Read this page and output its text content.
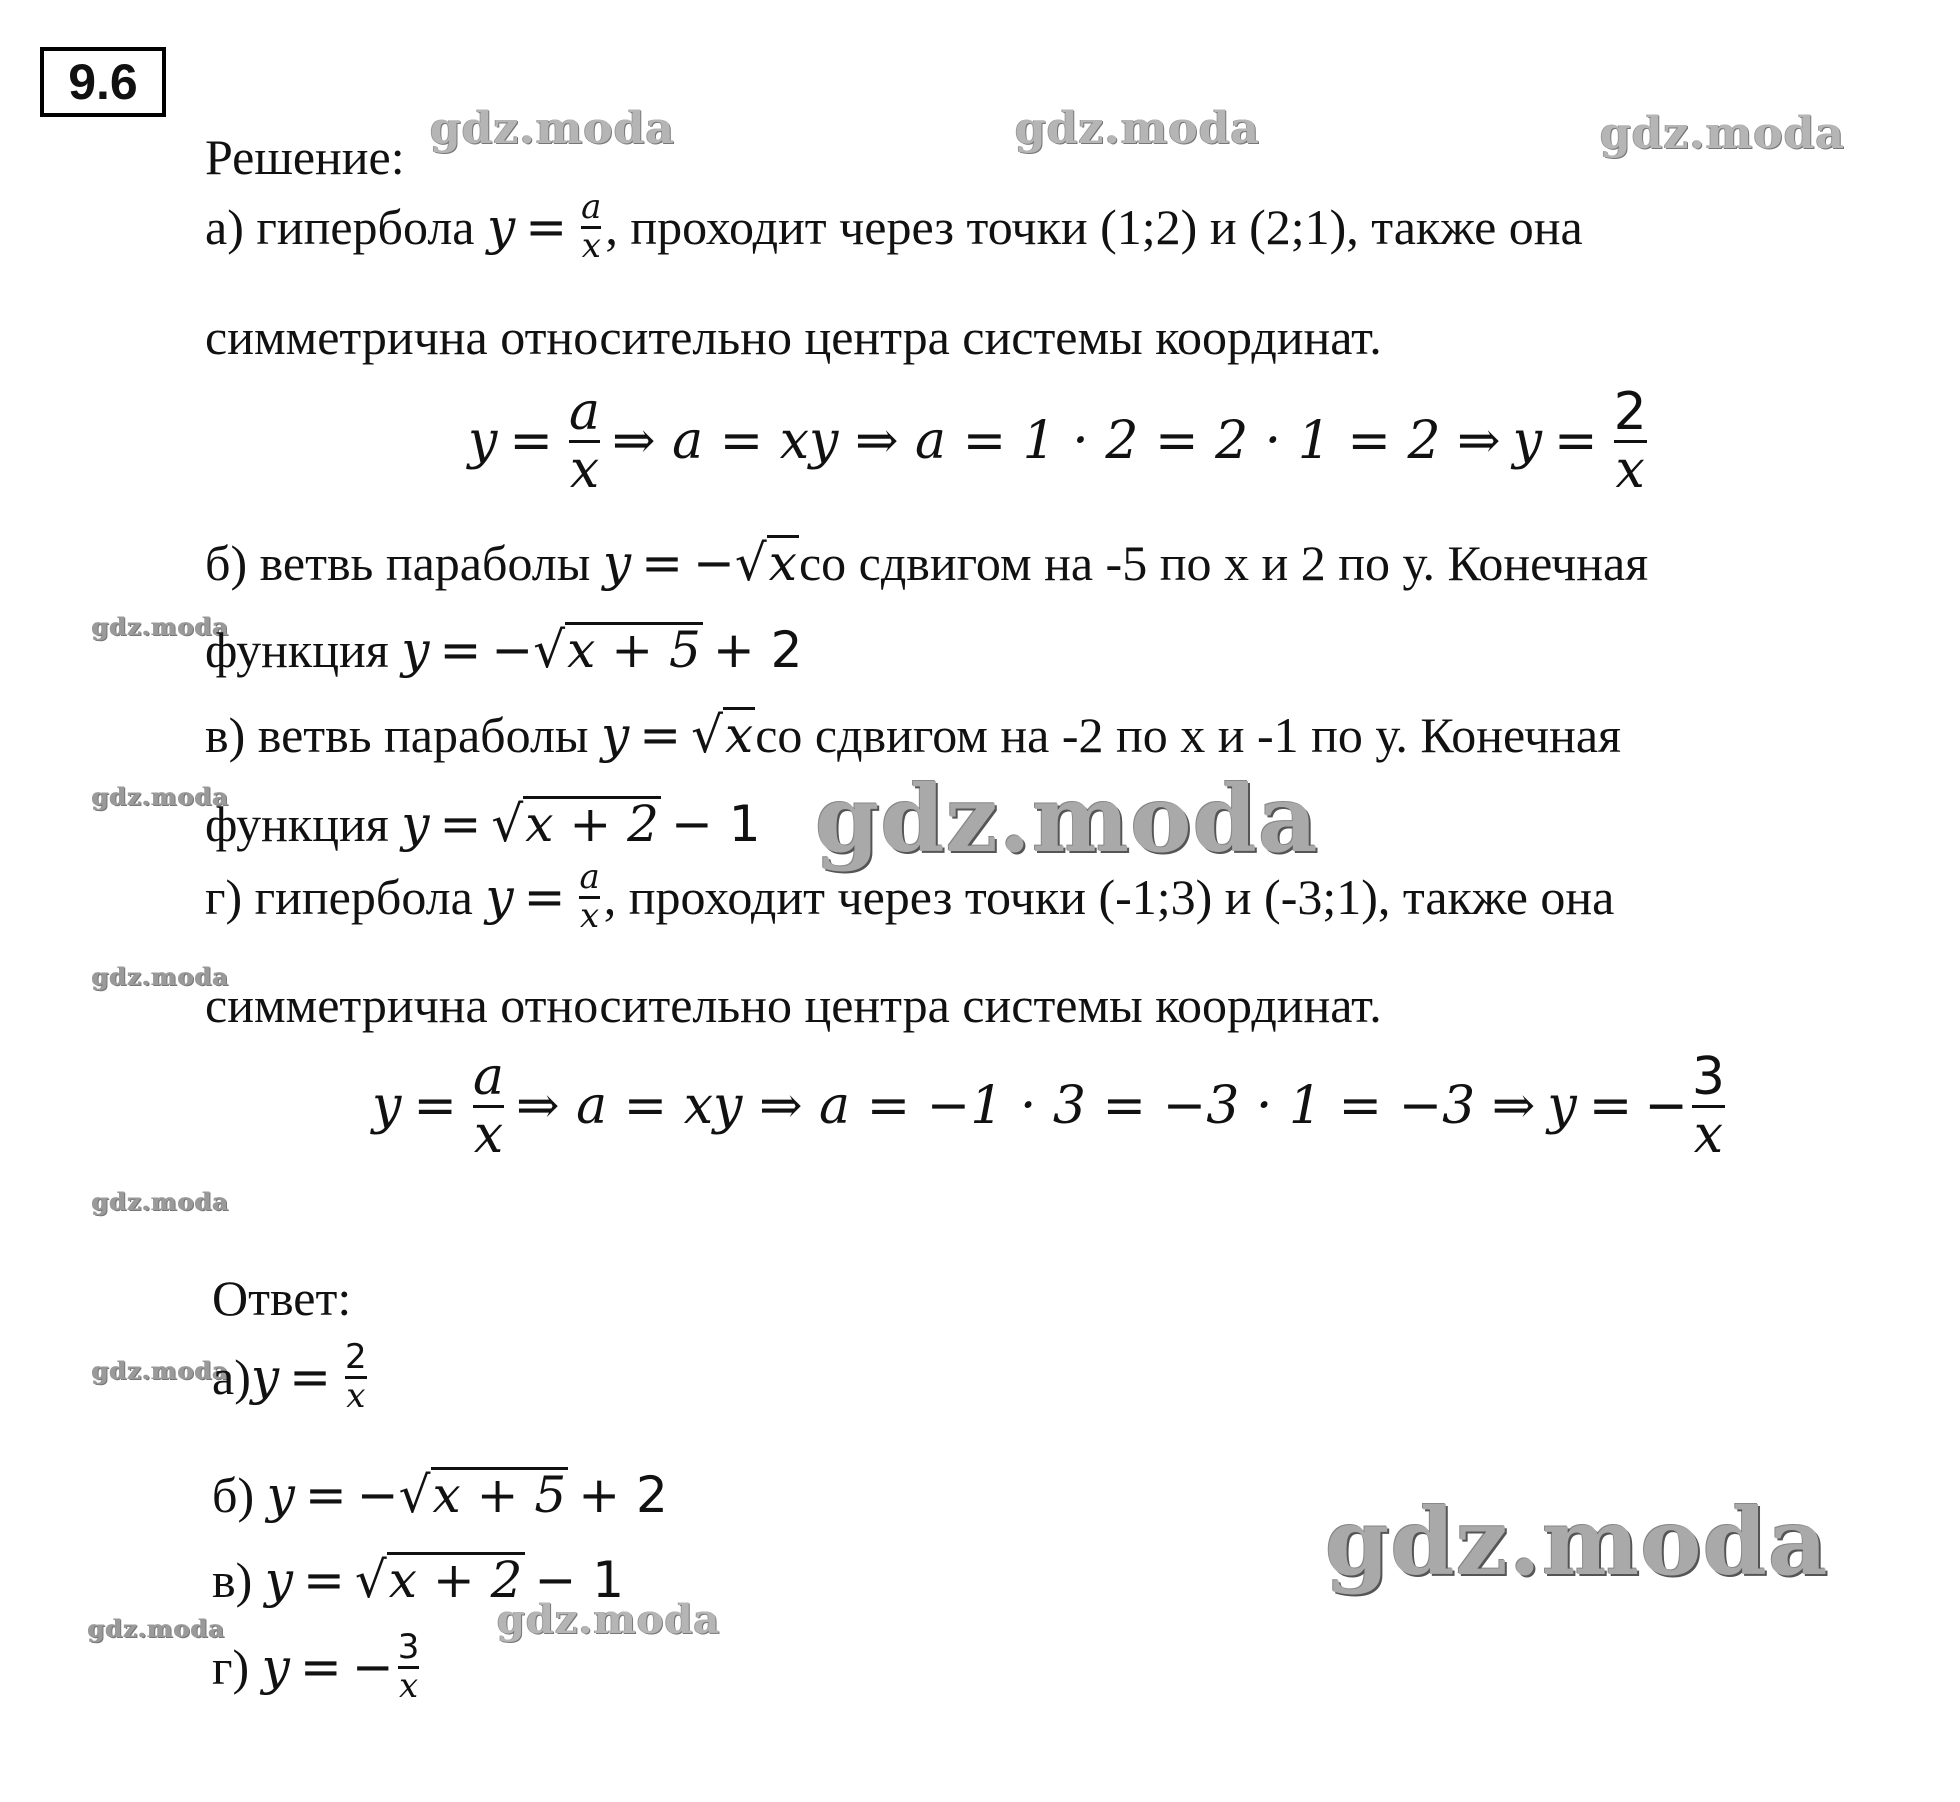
9.6
gdz.moda	gdz.moda	gdz.moda
gdz.moda
gdz.moda
gdz.moda
gdz.moda
gdz.moda
gdz.moda	gdz.moda
Решение:
а) гипербола
$y = \frac{a}{x}$ , проходит через точки (1;2) и (2;1), также она
симметрична относительно центра системы координат.
$y = \frac{a}{x}$ ⇒ a = xy ⇒ a = 1 · 2 = 2 · 1 = 2 ⇒ $y = \frac{2}{x}$
б) ветвь параболы
y = − √ x со сдвигом на -5 по х и 2 по у. Конечная
функция
y = − √ x + 5 + 2
в) ветвь параболы
y = √ x со сдвигом на -2 по х и -1 по у. Конечная
функция
y = √ x + 2 − 1 gdz.moda
г) гипербола
$y = \frac{a}{x}$ , проходит через точки (-1;3) и (-3;1), также она
симметрична относительно центра системы координат.
$y = \frac{a}{x}$ ⇒ a = xy ⇒ a = −1 · 3 = −3 · 1 = −3 ⇒ y = − $\frac{3}{x}$
Ответ:
а) $y = \frac{2}{x}$
б)
y = − √ x + 5 + 2
в)
y = √ x + 2 − 1
г)
y = − $\frac{3}{x}$
gdz.moda
